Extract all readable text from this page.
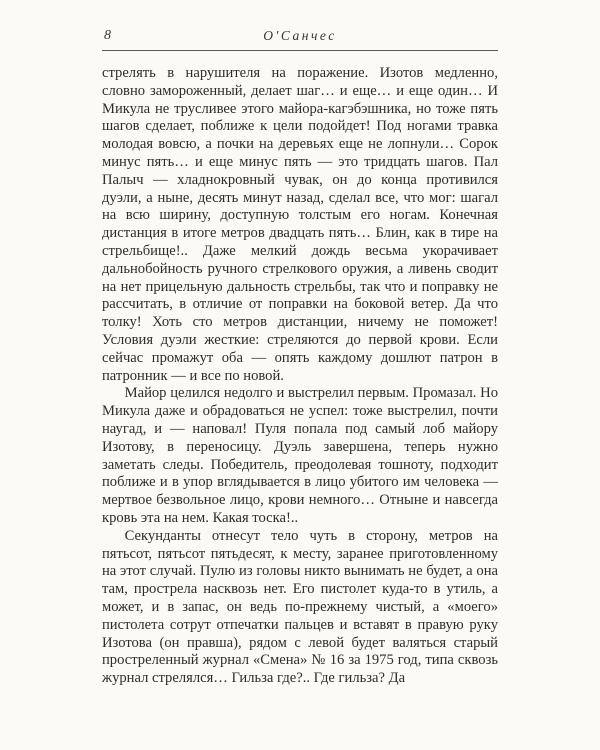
8	О'Санчес

стрелять в нарушителя на поражение. Изотов медленно, словно замороженный, делает шаг… и еще… и еще один… И Микула не трусливее этого майора-кагэбэшника, но тоже пять шагов сделает, поближе к цели подойдет! Под ногами травка молодая вовсю, а почки на деревьях еще не лопнули… Сорок минус пять… и еще минус пять — это тридцать шагов. Пал Палыч — хладнокровный чувак, он до конца противился дуэли, а ныне, десять минут назад, сделал все, что мог: шагал на всю ширину, доступную толстым его ногам. Конечная дистанция в итоге метров двадцать пять… Блин, как в тире на стрельбище!.. Даже мелкий дождь весьма укорачивает дальнобойность ручного стрелкового оружия, а ливень сводит на нет прицельную дальность стрельбы, так что и поправку не рассчитать, в отличие от поправки на боковой ветер. Да что толку! Хоть сто метров дистанции, ничему не поможет! Условия дуэли жесткие: стреляются до первой крови. Если сейчас промажут оба — опять каждому дошлют патрон в патронник — и все по новой.

Майор целился недолго и выстрелил первым. Промазал. Но Микула даже и обрадоваться не успел: тоже выстрелил, почти наугад, и — наповал! Пуля попала под самый лоб майору Изотову, в переносицу. Дуэль завершена, теперь нужно заметать следы. Победитель, преодолевая тошноту, подходит поближе и в упор вглядывается в лицо убитого им человека — мертвое безвольное лицо, крови немного… Отныне и навсегда кровь эта на нем. Какая тоска!..

Секунданты отнесут тело чуть в сторону, метров на пятьсот, пятьсот пятьдесят, к месту, заранее приготовленному на этот случай. Пулю из головы никто вынимать не будет, а она там, прострела насквозь нет. Его пистолет куда-то в утиль, а может, и в запас, он ведь по-прежнему чистый, а «моего» пистолета сотрут отпечатки пальцев и вставят в правую руку Изотова (он правша), рядом с левой будет валяться старый простреленный журнал «Смена» № 16 за 1975 год, типа сквозь журнал стрелялся… Гильза где?.. Где гильза? Да
